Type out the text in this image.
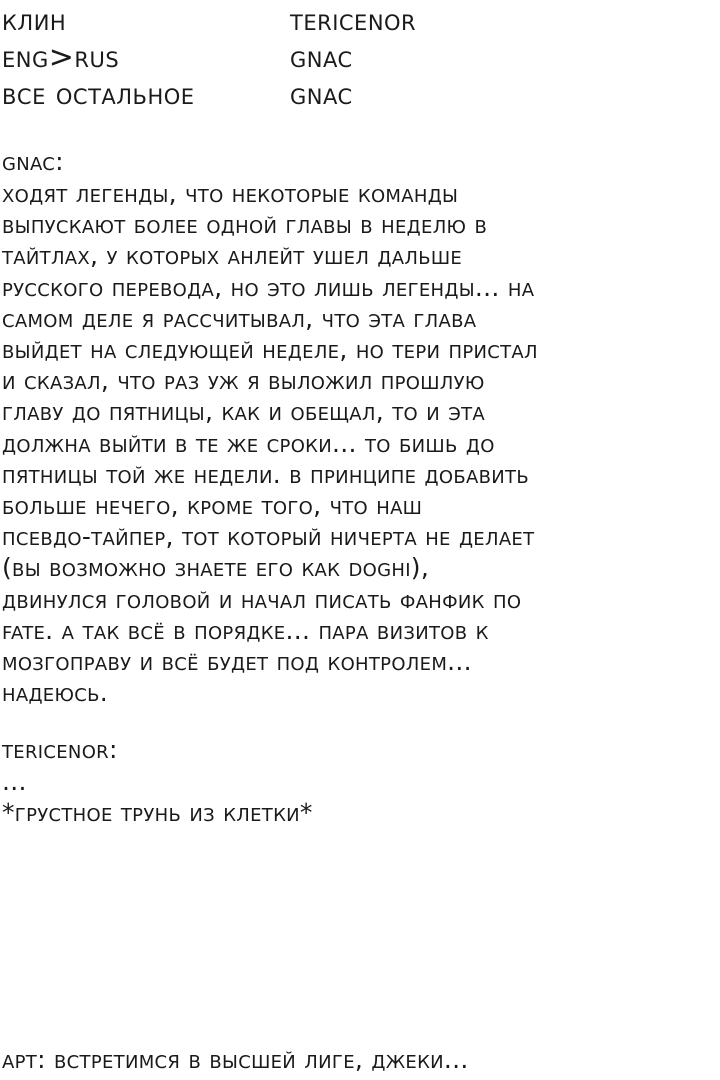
клин	tericenor
eng>rus	gnac
все остальное	gnac
gnac:

ходят легенды, что некоторые команды
выпускают более одной главы в неделю в
тайтлах, у которых анлейт ушел дальше
русского перевода, но это лишь легенды... на
самом деле я рассчитывал, что эта глава
выйдет на следующей неделе, но тери пристал
и сказал, что раз уж я выложил прошлую
главу до пятницы, как и обещал, то и эта
должна выйти в те же сроки... то бишь до
пятницы той же недели. в принципе добавить
больше нечего, кроме того, что наш
псевдо-тайпер, тот который ничерта не делает
(вы возможно знаете его как doghi),
двинулся головой и начал писать фанфик по
fate. а так всё в порядке... пара визитов к
мозгоправу и всё будет под контролем...
надеюсь.

tericenor:

...
*грустное трунь из клетки*

арт: встретимся в высшей лиге, джеки...
